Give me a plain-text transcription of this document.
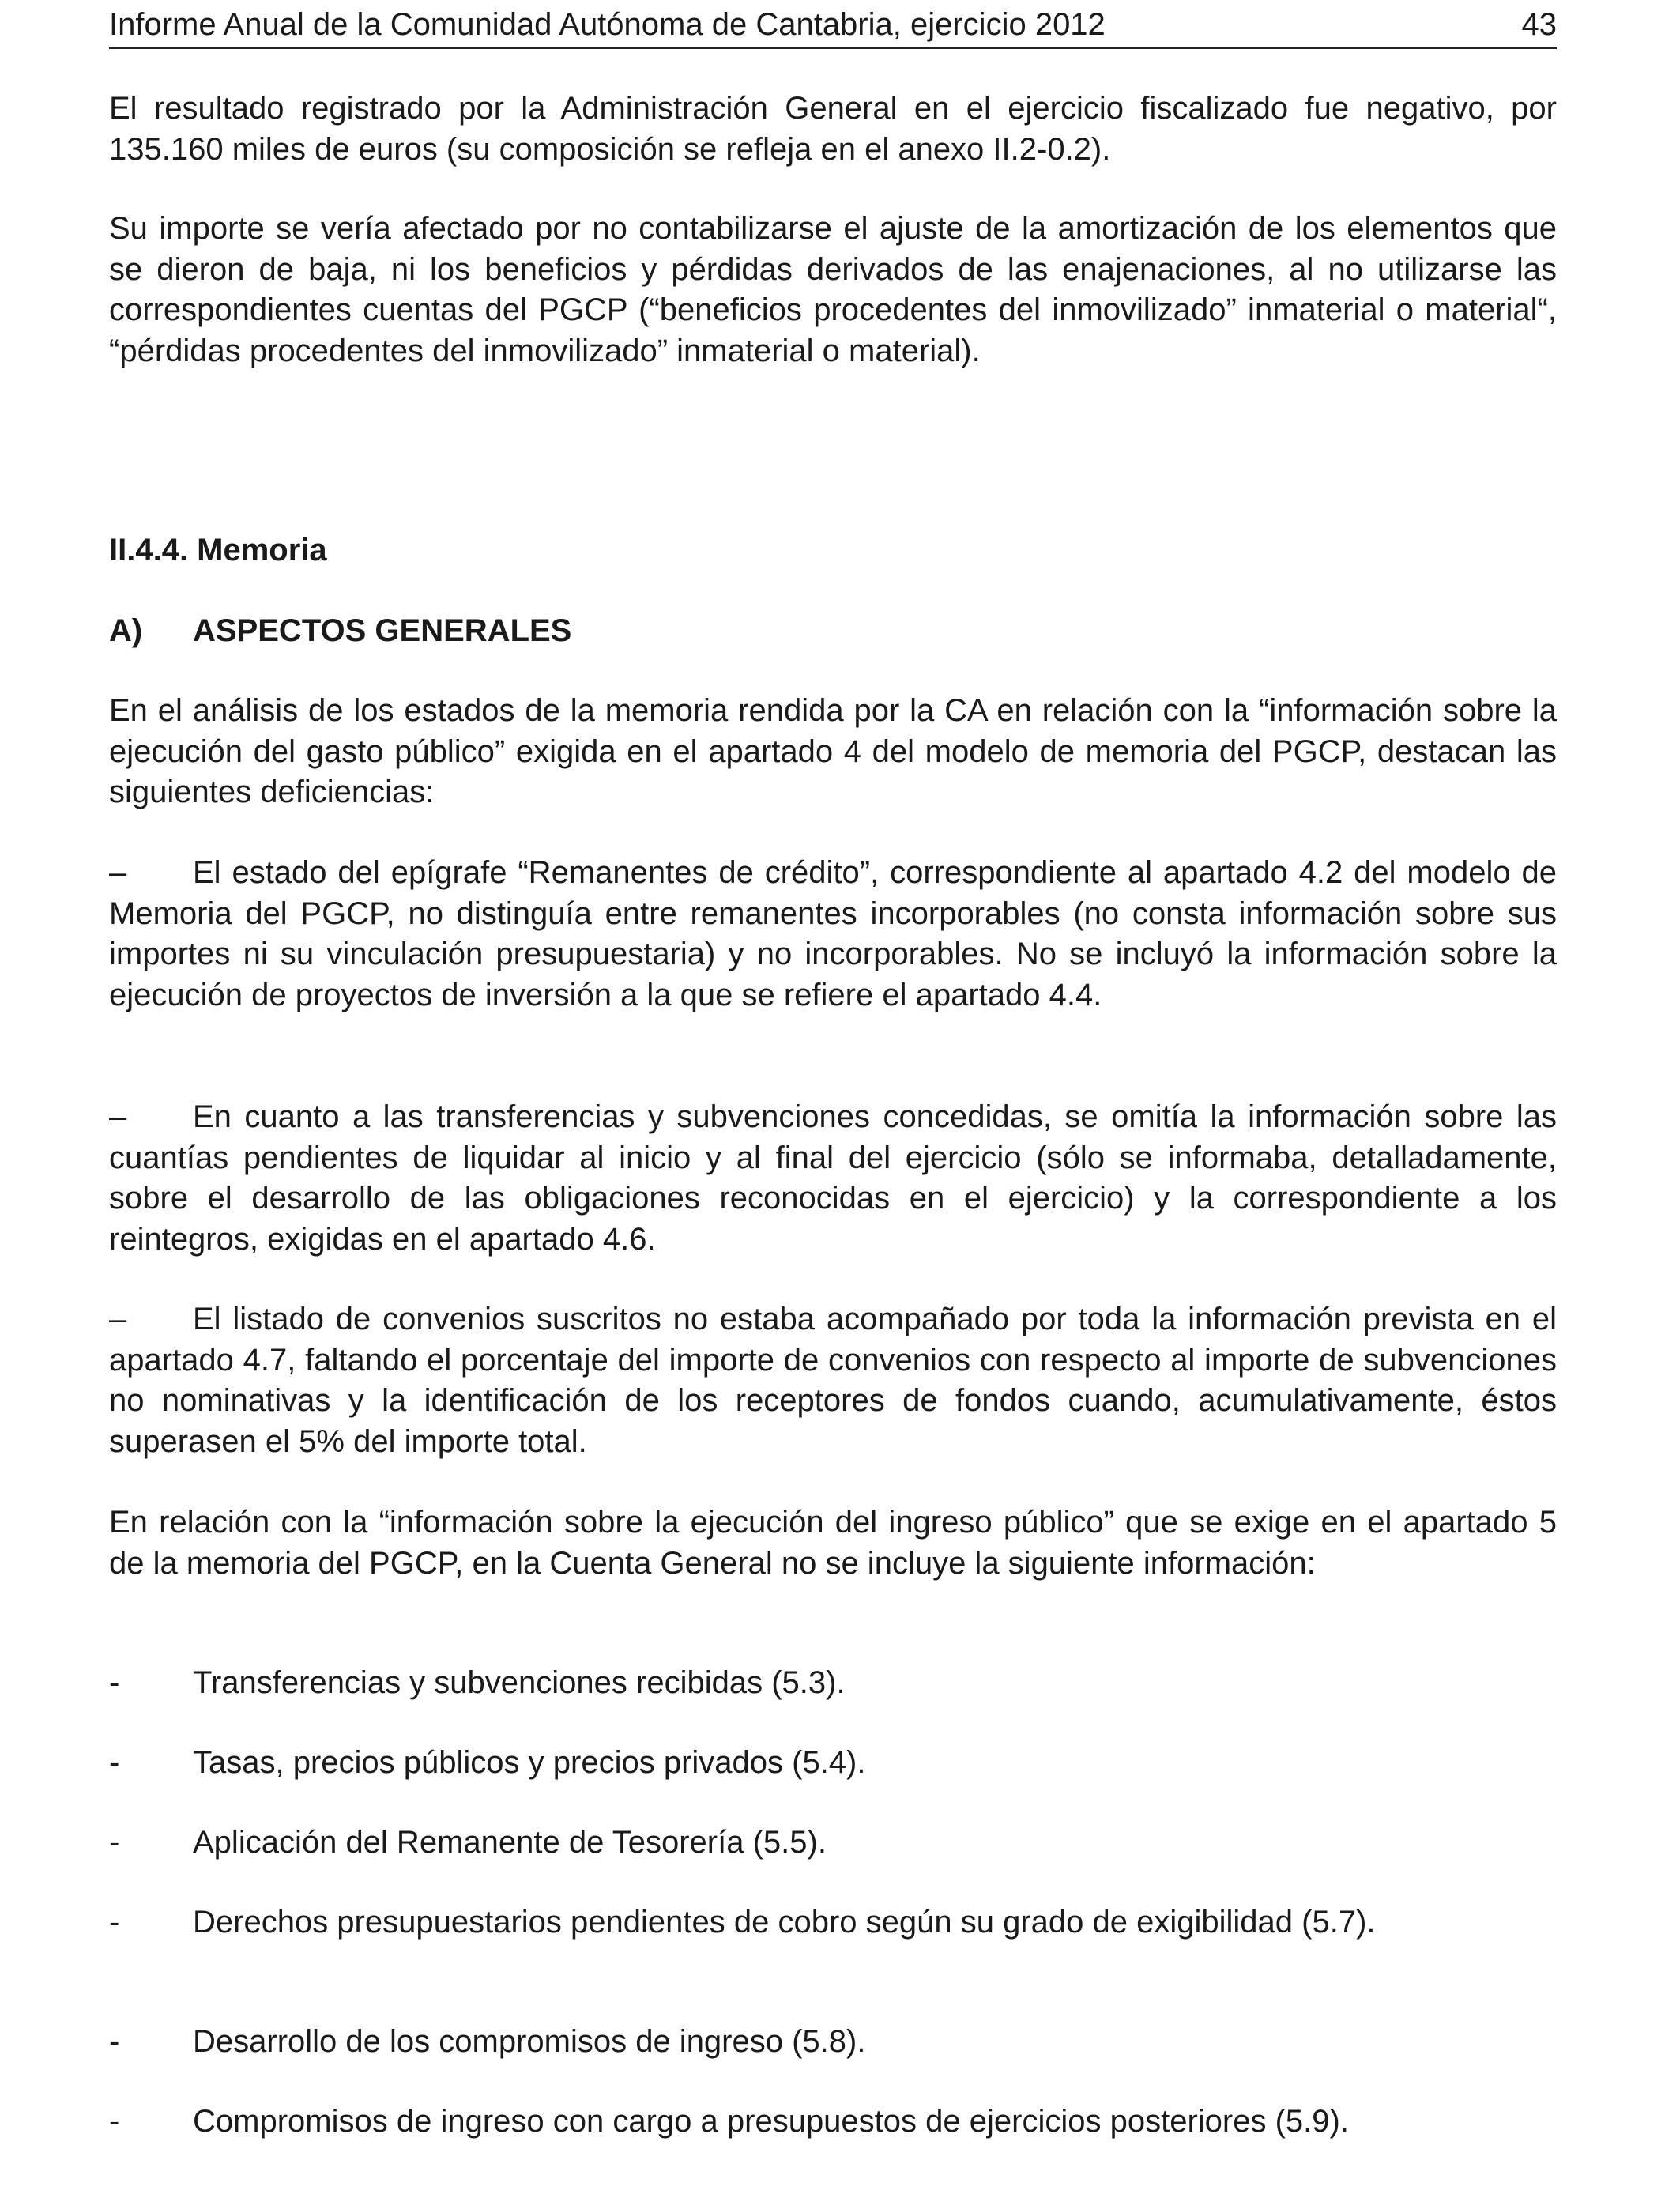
Informe Anual de la Comunidad Autónoma de Cantabria, ejercicio 2012	43

El resultado registrado por la Administración General en el ejercicio fiscalizado fue negativo, por 135.160 miles de euros (su composición se refleja en el anexo II.2-0.2).

Su importe se vería afectado por no contabilizarse el ajuste de la amortización de los elementos que se dieron de baja, ni los beneficios y pérdidas derivados de las enajenaciones, al no utilizarse las correspondientes cuentas del PGCP (“beneficios procedentes del inmovilizado” inmaterial o material“, “pérdidas procedentes del inmovilizado” inmaterial o material).

II.4.4. Memoria
A) ASPECTOS GENERALES

En el análisis de los estados de la memoria rendida por la CA en relación con la “información sobre la ejecución del gasto público” exigida en el apartado 4 del modelo de memoria del PGCP, destacan las siguientes deficiencias:

– El estado del epígrafe “Remanentes de crédito”, correspondiente al apartado 4.2 del modelo de Memoria del PGCP, no distinguía entre remanentes incorporables (no consta información sobre sus importes ni su vinculación presupuestaria) y no incorporables. No se incluyó la información sobre la ejecución de proyectos de inversión a la que se refiere el apartado 4.4.

– En cuanto a las transferencias y subvenciones concedidas, se omitía la información sobre las cuantías pendientes de liquidar al inicio y al final del ejercicio (sólo se informaba, detalladamente, sobre el desarrollo de las obligaciones reconocidas en el ejercicio) y la correspondiente a los reintegros, exigidas en el apartado 4.6.

– El listado de convenios suscritos no estaba acompañado por toda la información prevista en el apartado 4.7, faltando el porcentaje del importe de convenios con respecto al importe de subvenciones no nominativas y la identificación de los receptores de fondos cuando, acumulativamente, éstos superasen el 5% del importe total.

En relación con la “información sobre la ejecución del ingreso público” que se exige en el apartado 5 de la memoria del PGCP, en la Cuenta General no se incluye la siguiente información:

- Transferencias y subvenciones recibidas (5.3).

- Tasas, precios públicos y precios privados (5.4).

- Aplicación del Remanente de Tesorería (5.5).

- Derechos presupuestarios pendientes de cobro según su grado de exigibilidad (5.7).

- Desarrollo de los compromisos de ingreso (5.8).

- Compromisos de ingreso con cargo a presupuestos de ejercicios posteriores (5.9).
